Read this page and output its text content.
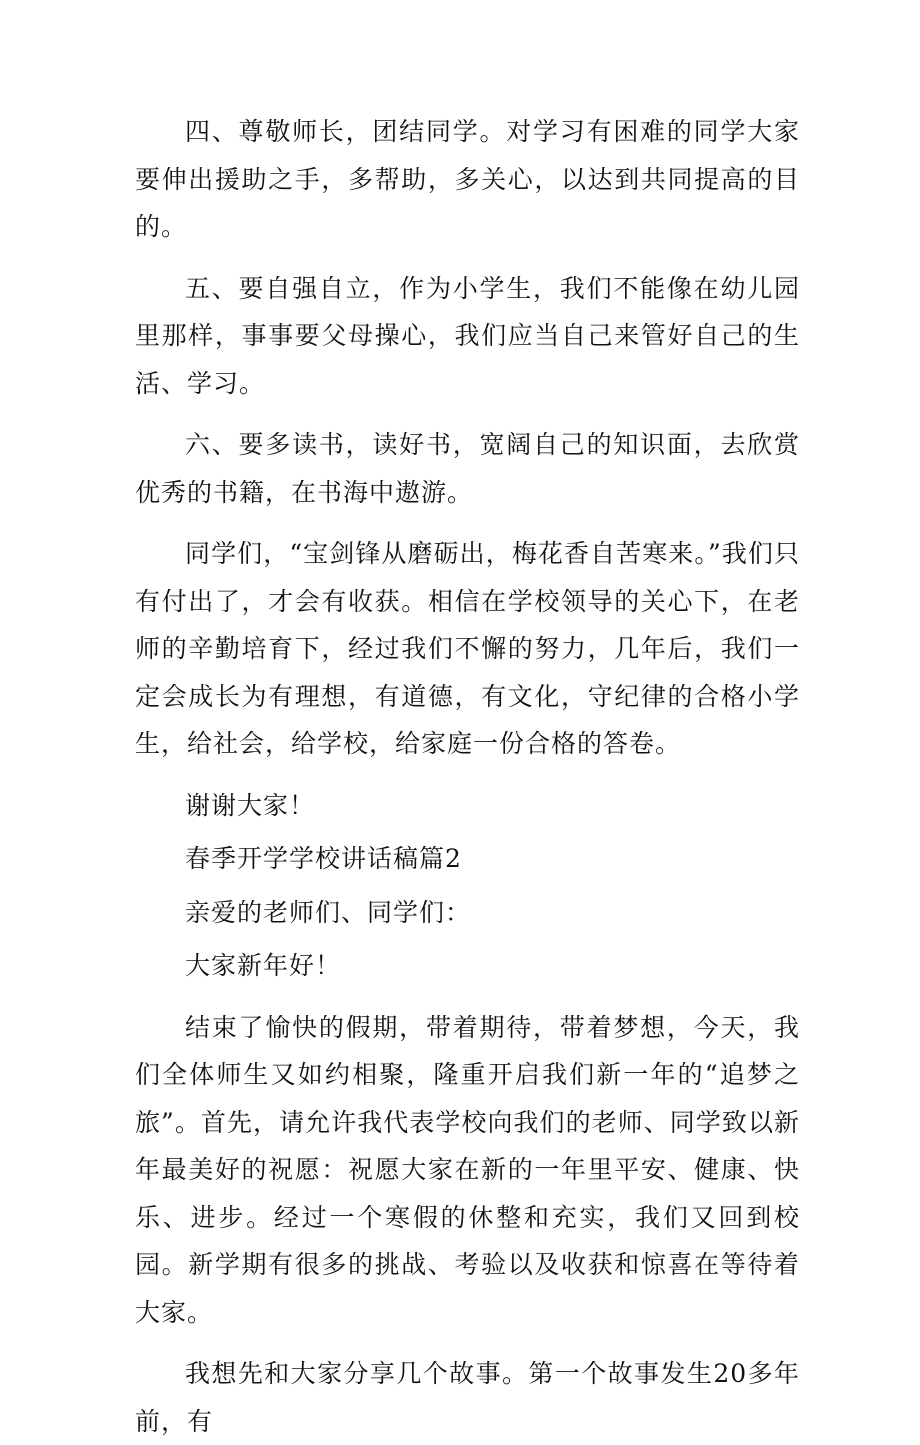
四、尊敬师长，团结同学。对学习有困难的同学大家要伸出援助之手，多帮助，多关心，以达到共同提高的目的。

五、要自强自立，作为小学生，我们不能像在幼儿园里那样，事事要父母操心，我们应当自己来管好自己的生活、学习。

六、要多读书，读好书，宽阔自己的知识面，去欣赏优秀的书籍，在书海中遨游。

同学们，“宝剑锋从磨砺出，梅花香自苦寒来。”我们只有付出了，才会有收获。相信在学校领导的关心下，在老师的辛勤培育下，经过我们不懈的努力，几年后，我们一定会成长为有理想，有道德，有文化，守纪律的合格小学生，给社会，给学校，给家庭一份合格的答卷。

谢谢大家！

春季开学学校讲话稿篇2

亲爱的老师们、同学们：

大家新年好！

结束了愉快的假期，带着期待，带着梦想，今天，我们全体师生又如约相聚，隆重开启我们新一年的“追梦之旅”。首先，请允许我代表学校向我们的老师、同学致以新年最美好的祝愿：祝愿大家在新的一年里平安、健康、快乐、进步。经过一个寒假的休整和充实，我们又回到校园。新学期有很多的挑战、考验以及收获和惊喜在等待着大家。

我想先和大家分享几个故事。第一个故事发生20多年前，有
